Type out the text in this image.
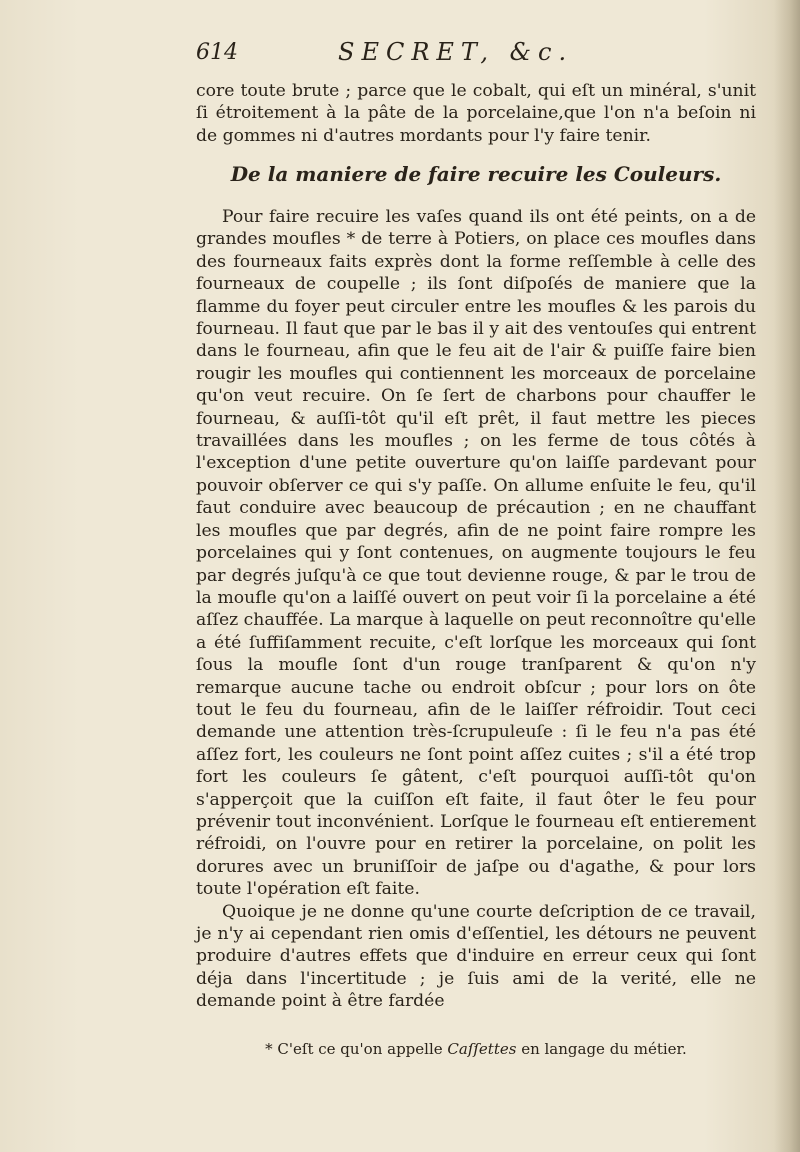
614	SECRET, &c.

core toute brute ; parce que le cobalt, qui eſt un minéral, s'unit ſi étroitement à la pâte de la porcelaine,que l'on n'a beſoin ni de gommes ni d'autres mordants pour l'y faire tenir.

De la maniere de faire recuire les Couleurs.

Pour faire recuire les vaſes quand ils ont été peints, on a de grandes moufles * de terre à Potiers, on place ces moufles dans des fourneaux faits exprès dont la forme reſſemble à celle des fourneaux de coupelle ; ils ſont diſpoſés de maniere que la flamme du foyer peut circuler entre les moufles & les parois du fourneau. Il faut que par le bas il y ait des ventouſes qui entrent dans le fourneau, afin que le feu ait de l'air & puiſſe faire bien rougir les moufles qui contiennent les morceaux de porcelaine qu'on veut recuire. On ſe ſert de charbons pour chauffer le fourneau, & auſſi-tôt qu'il eſt prêt, il faut mettre les pieces travaillées dans les moufles ; on les ferme de tous côtés à l'exception d'une petite ouverture qu'on laiſſe pardevant pour pouvoir obſerver ce qui s'y paſſe. On allume enſuite le feu, qu'il faut conduire avec beaucoup de précaution ; en ne chauffant les moufles que par degrés, afin de ne point faire rompre les porcelaines qui y ſont contenues, on augmente toujours le feu par degrés juſqu'à ce que tout devienne rouge, & par le trou de la moufle qu'on a laiſſé ouvert on peut voir ſi la porcelaine a été aſſez chauffée. La marque à laquelle on peut reconnoître qu'elle a été ſuffiſamment recuite, c'eſt lorſque les morceaux qui ſont ſous la moufle ſont d'un rouge tranſparent & qu'on n'y remarque aucune tache ou endroit obſcur ; pour lors on ôte tout le feu du fourneau, afin de le laiſſer réfroidir. Tout ceci demande une attention très-ſcrupuleuſe : ſi le feu n'a pas été aſſez fort, les couleurs ne ſont point aſſez cuites ; s'il a été trop fort les couleurs ſe gâtent, c'eſt pourquoi auſſi-tôt qu'on s'apperçoit que la cuiſſon eſt faite, il faut ôter le feu pour prévenir tout inconvénient. Lorſque le fourneau eſt entierement réfroidi, on l'ouvre pour en retirer la porcelaine, on polit les dorures avec un bruniſſoir de jaſpe ou d'agathe, & pour lors toute l'opération eſt faite.

Quoique je ne donne qu'une courte deſcription de ce travail, je n'y ai cependant rien omis d'eſſentiel, les détours ne peuvent produire d'autres effets que d'induire en erreur ceux qui ſont déja dans l'incertitude ; je ſuis ami de la verité, elle ne demande point à être fardée

* C'eſt ce qu'on appelle Caſſettes en langage du métier.
